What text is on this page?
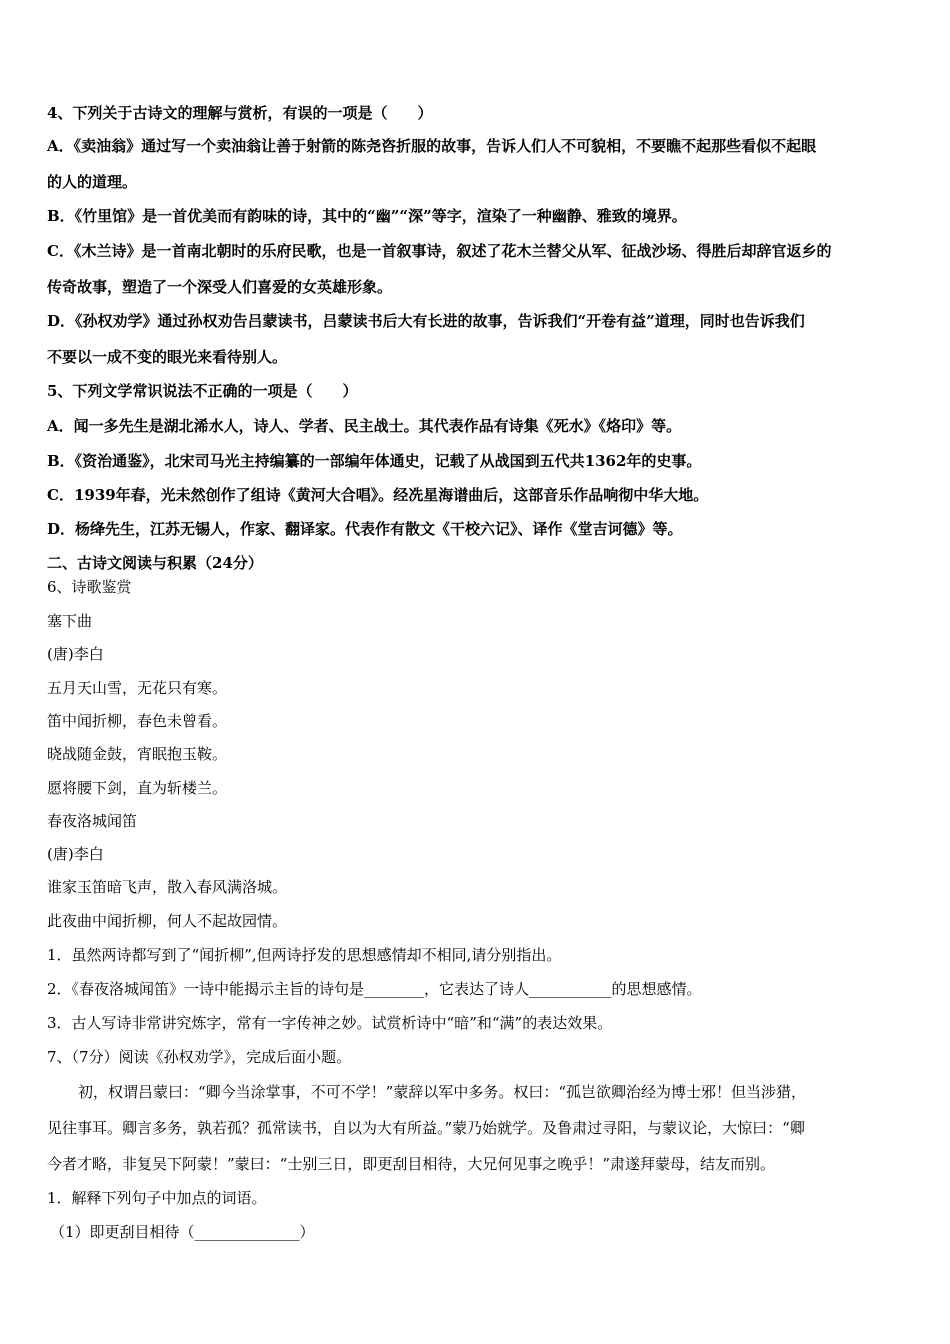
4、下列关于古诗文的理解与赏析，有误的一项是（　　）
A．《卖油翁》通过写一个卖油翁让善于射箭的陈尧咨折服的故事，告诉人们人不可貌相，不要瞧不起那些看似不起眼
的人的道理。
B．《竹里馆》是一首优美而有韵味的诗，其中的“幽”“深”等字，渲染了一种幽静、雅致的境界。
C．《木兰诗》是一首南北朝时的乐府民歌，也是一首叙事诗，叙述了花木兰替父从军、征战沙场、得胜后却辞官返乡的
传奇故事，塑造了一个深受人们喜爱的女英雄形象。
D．《孙权劝学》通过孙权劝告吕蒙读书，吕蒙读书后大有长进的故事，告诉我们“开卷有益”道理，同时也告诉我们
不要以一成不变的眼光来看待别人。
5、下列文学常识说法不正确的一项是（　　）
A．闻一多先生是湖北浠水人，诗人、学者、民主战士。其代表作品有诗集《死水》《烙印》等。
B．《资治通鉴》，北宋司马光主持编纂的一部编年体通史，记载了从战国到五代共1362年的史事。
C．1939年春，光未然创作了组诗《黄河大合唱》。经冼星海谱曲后，这部音乐作品响彻中华大地。
D．杨绛先生，江苏无锡人，作家、翻译家。代表作有散文《干校六记》、译作《堂吉诃德》等。
二、古诗文阅读与积累（24分）
6、诗歌鉴赏
塞下曲
(唐)李白
五月天山雪，无花只有寒。
笛中闻折柳，春色未曾看。
晓战随金鼓，宵眠抱玉鞍。
愿将腰下剑，直为斩楼兰。
春夜洛城闻笛
(唐)李白
谁家玉笛暗飞声，散入春风满洛城。
此夜曲中闻折柳，何人不起故园情。
1．虽然两诗都写到了“闻折柳”,但两诗抒发的思想感情却不相同,请分别指出。
2．《春夜洛城闻笛》一诗中能揭示主旨的诗句是________，它表达了诗人___________的思想感情。
3．古人写诗非常讲究炼字，常有一字传神之妙。试赏析诗中“暗”和“满”的表达效果。
7、（7分）阅读《孙权劝学》，完成后面小题。
初，权谓吕蒙曰：“卿今当涂掌事，不可不学！”蒙辞以军中多务。权曰：“孤岂欲卿治经为博士邪！但当涉猎，
见往事耳。卿言多务，孰若孤？孤常读书，自以为大有所益。”蒙乃始就学。及鲁肃过寻阳，与蒙议论，大惊曰：“卿
今者才略，非复吴下阿蒙！”蒙曰：“士别三日，即更刮目相待，大兄何见事之晚乎！”肃遂拜蒙母，结友而别。
1．解释下列句子中加点的词语。
（1）即更刮目相待（______________）
